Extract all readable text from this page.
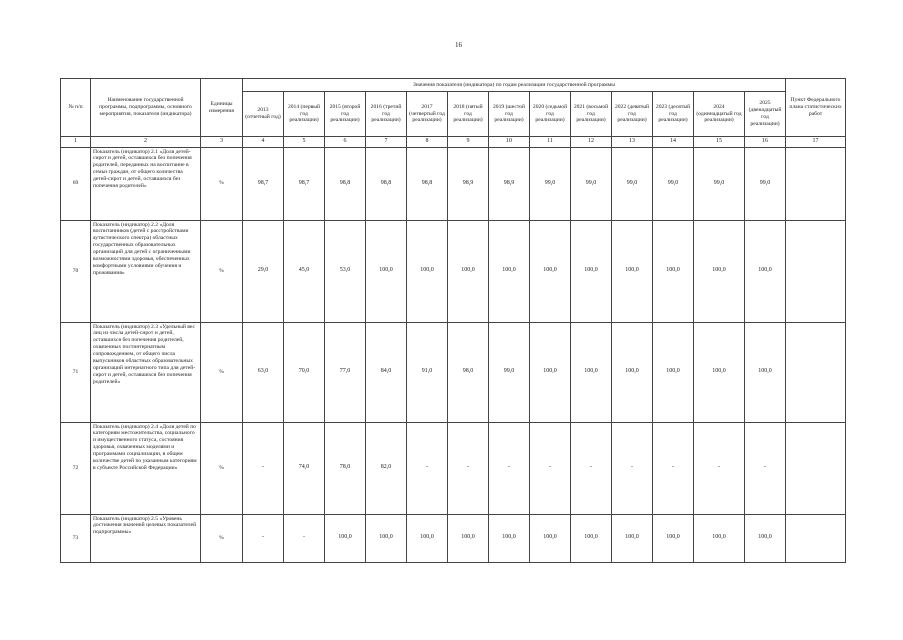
16
№ п/п	Наименование государственной программы, подпрограммы, основного мероприятия, показателя (индикатора)	Единицы измерения	Значения показателя (индикатора) по годам реализации государственной программы													Пункт Федерального плана статистических работ
			2013 (отчетный год)	2014 (первый год реализации)	2015 (второй год реализации)	2016 (третий год реализации)	2017 (четвертый год реализации)	2018 (пятый год реализации)	2019 (шестой год реализации)	2020 (седьмой год реализации)	2021 (восьмой год реализации)	2022 (девятый год реализации)	2023 (десятый год реализации)	2024 (одиннадцатый год реализации)	2025 (двенадцатый год реализации)	
1	2	3	4	5	6	7	8	9	10	11	12	13	14	15	16	17
69	Показатель (индикатор) 2.1 «Доля детей-сирот и детей, оставшихся без попечения родителей, переданных на воспитание в семьи граждан, от общего количества детей-сирот и детей, оставшихся без попечения родителей»	%	98,7	98,7	98,8	98,8	98,8	98,9	98,9	99,0	99,0	99,0	99,0	99,0	99,0	
70	Показатель (индикатор) 2.2 «Доля воспитанников (детей с расстройствами аутистического спектра) областных государственных образовательных организаций для детей с ограниченными возможностями здоровья, обеспеченных комфортными условиями обучения и проживания»	%	29,0	45,0	53,0	100,0	100,0	100,0	100,0	100,0	100,0	100,0	100,0	100,0	100,0	
71	Показатель (индикатор) 2.3 «Удельный вес лиц из числа детей-сирот и детей, оставшихся без попечения родителей, охваченных постинтернатным сопровождением, от общего числа выпускников областных образовательных организаций интернатного типа для детей-сирот и детей, оставшихся без попечения родителей»	%	63,0	70,0	77,0	84,0	91,0	98,0	99,0	100,0	100,0	100,0	100,0	100,0	100,0	
72	Показатель (индикатор) 2.4 «Доля детей по категориям местожительства, социального и имущественного статуса, состояния здоровья, охваченных моделями и программами социализации, в общем количестве детей по указанным категориям в субъекте Российской Федерации»	%	-	74,0	78,0	82,0	-	-	-	-	-	-	-	-	-	
73	Показатель (индикатор) 2.5 «Уровень достижения значений целевых показателей подпрограммы»	%	-	-	100,0	100,0	100,0	100,0	100,0	100,0	100,0	100,0	100,0	100,0	100,0	
